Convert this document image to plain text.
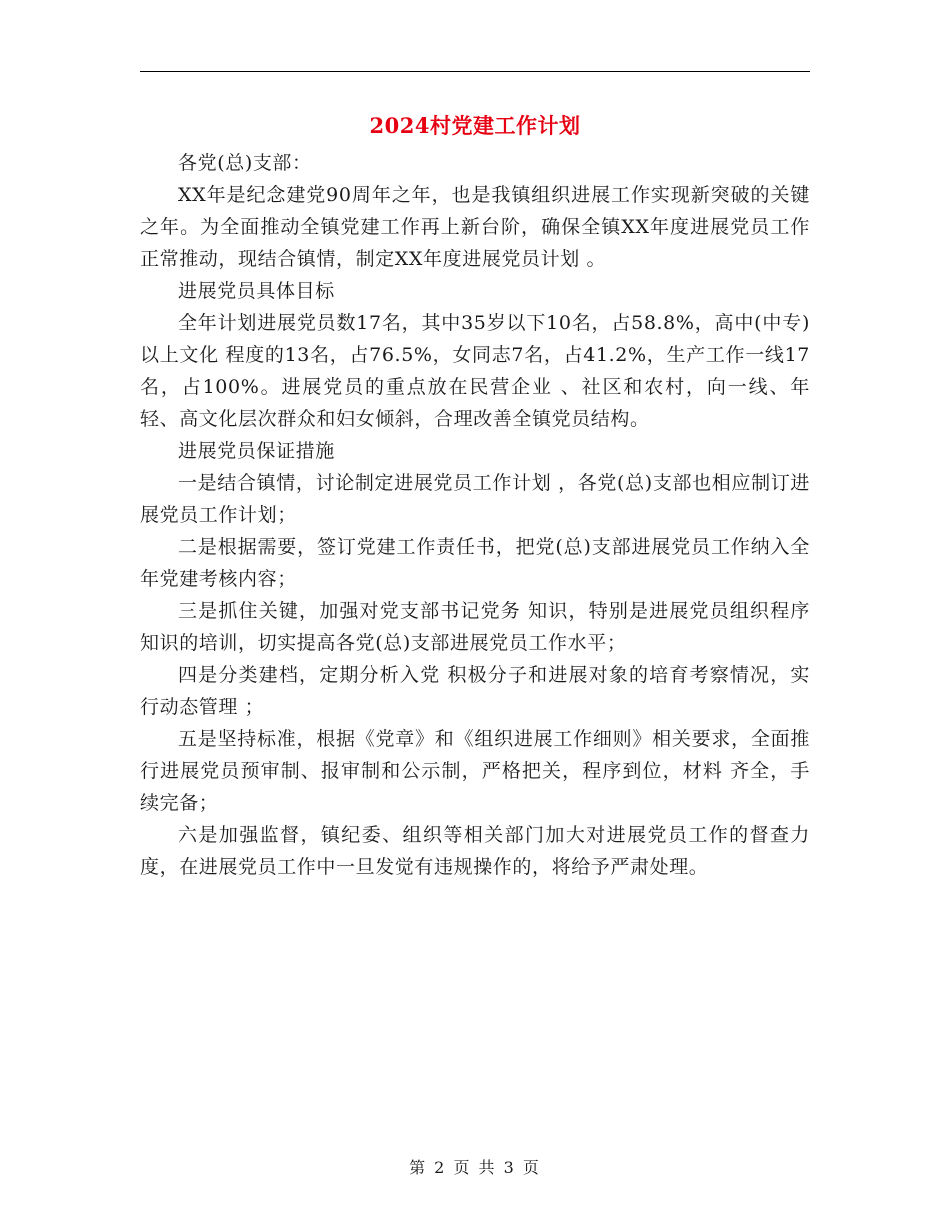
2024村党建工作计划

各党(总)支部：

XX年是纪念建党90周年之年，也是我镇组织进展工作实现新突破的关键之年。为全面推动全镇党建工作再上新台阶，确保全镇XX年度进展党员工作正常推动，现结合镇情，制定XX年度进展党员计划 。

进展党员具体目标

全年计划进展党员数17名，其中35岁以下10名，占58.8%，高中(中专)以上文化 程度的13名，占76.5%，女同志7名，占41.2%，生产工作一线17名，占100%。进展党员的重点放在民营企业 、社区和农村，向一线、年轻、高文化层次群众和妇女倾斜，合理改善全镇党员结构。

进展党员保证措施

一是结合镇情，讨论制定进展党员工作计划 ，各党(总)支部也相应制订进展党员工作计划；

二是根据需要，签订党建工作责任书，把党(总)支部进展党员工作纳入全年党建考核内容；

三是抓住关键，加强对党支部书记党务 知识，特别是进展党员组织程序知识的培训，切实提高各党(总)支部进展党员工作水平；

四是分类建档，定期分析入党 积极分子和进展对象的培育考察情况，实行动态管理 ；

五是坚持标准，根据《党章》和《组织进展工作细则》相关要求，全面推行进展党员预审制、报审制和公示制，严格把关，程序到位，材料 齐全，手续完备；

六是加强监督，镇纪委、组织等相关部门加大对进展党员工作的督查力度，在进展党员工作中一旦发觉有违规操作的，将给予严肃处理。

第 2 页 共 3 页
